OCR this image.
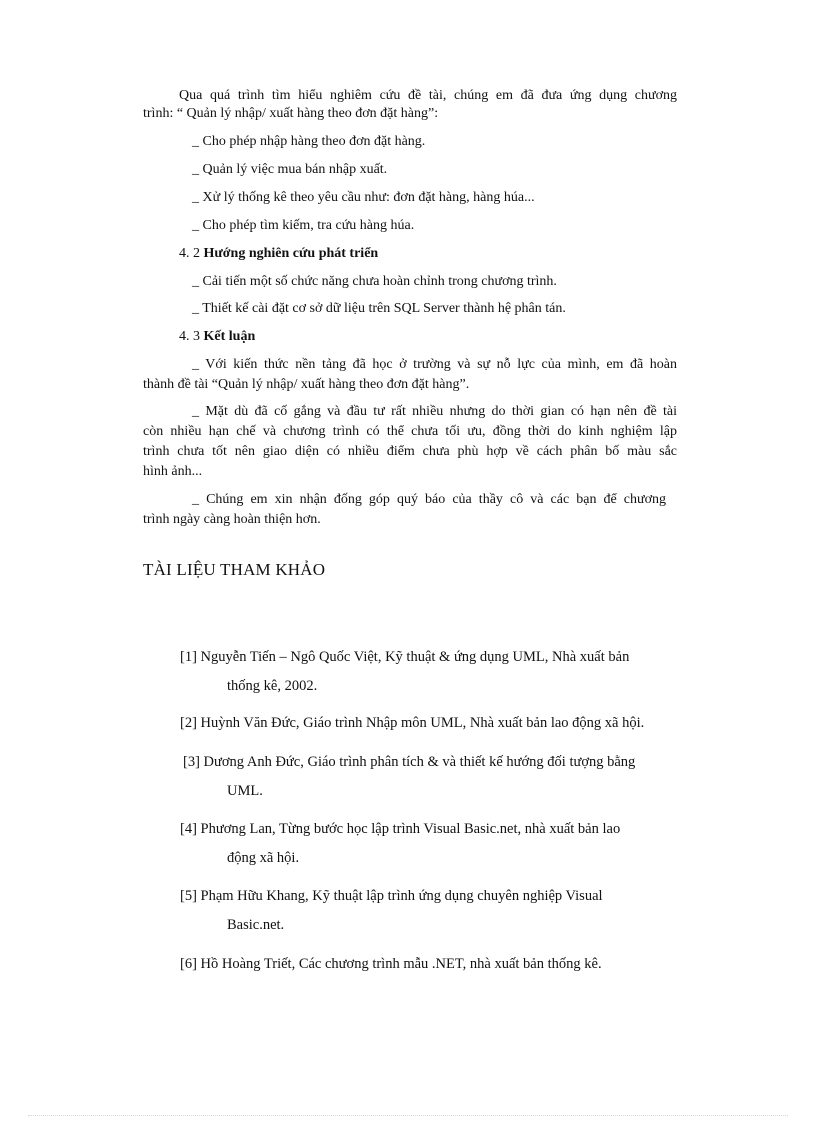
Qua quá trình tìm hiểu nghiêm cứu đề tài, chúng em đã đưa ứng dụng chương
trình: “ Quản lý nhập/ xuất hàng theo đơn đặt hàng”:
_ Cho phép nhập hàng theo đơn đặt hàng.
_ Quản lý việc mua bán nhập xuất.
_ Xử lý thống kê theo yêu cầu như: đơn đặt hàng, hàng húa...
_ Cho phép tìm kiếm, tra cứu hàng húa.
4. 2 Hướng nghiên cứu phát triển
_ Cải tiến một số chức năng chưa hoàn chỉnh trong chương trình.
_ Thiết kế cài đặt cơ sở dữ liệu trên SQL Server thành hệ phân tán.
4. 3 Kết luận
_ Với kiến thức nền tảng đã học ở trường và sự nỗ lực của mình, em đã hoàn
thành đề tài “Quản lý nhập/ xuất hàng theo đơn đặt hàng”.
_ Mặt dù đã cố gắng và đầu tư rất nhiều nhưng do thời gian có hạn nên đề tài
còn nhiều hạn chế và chương trình có thể chưa tối ưu, đồng thời do kinh nghiệm lập
trình chưa tốt nên giao diện có nhiều điểm chưa phù hợp về cách phân bố màu sắc
hình ảnh...
_ Chúng em xin nhận đống góp quý báo của thầy cô và các bạn để chương
trình ngày càng hoàn thiện hơn.
TÀI LIỆU THAM KHẢO
[1] Nguyễn Tiến – Ngô Quốc Việt, Kỹ thuật & ứng dụng UML, Nhà xuất bản
thống kê, 2002.
[2] Huỳnh Văn Đức, Giáo trình Nhập môn UML, Nhà xuất bản lao động xã hội.
[3] Dương Anh Đức, Giáo trình phân tích & và thiết kế hướng đối tượng bằng
UML.
[4] Phương Lan, Từng bước học lập trình Visual Basic.net, nhà xuất bản lao
động xã hội.
[5] Phạm Hữu Khang, Kỹ thuật lập trình ứng dụng chuyên nghiệp Visual
Basic.net.
[6] Hồ Hoàng Triết, Các chương trình mẫu .NET, nhà xuất bản thống kê.
